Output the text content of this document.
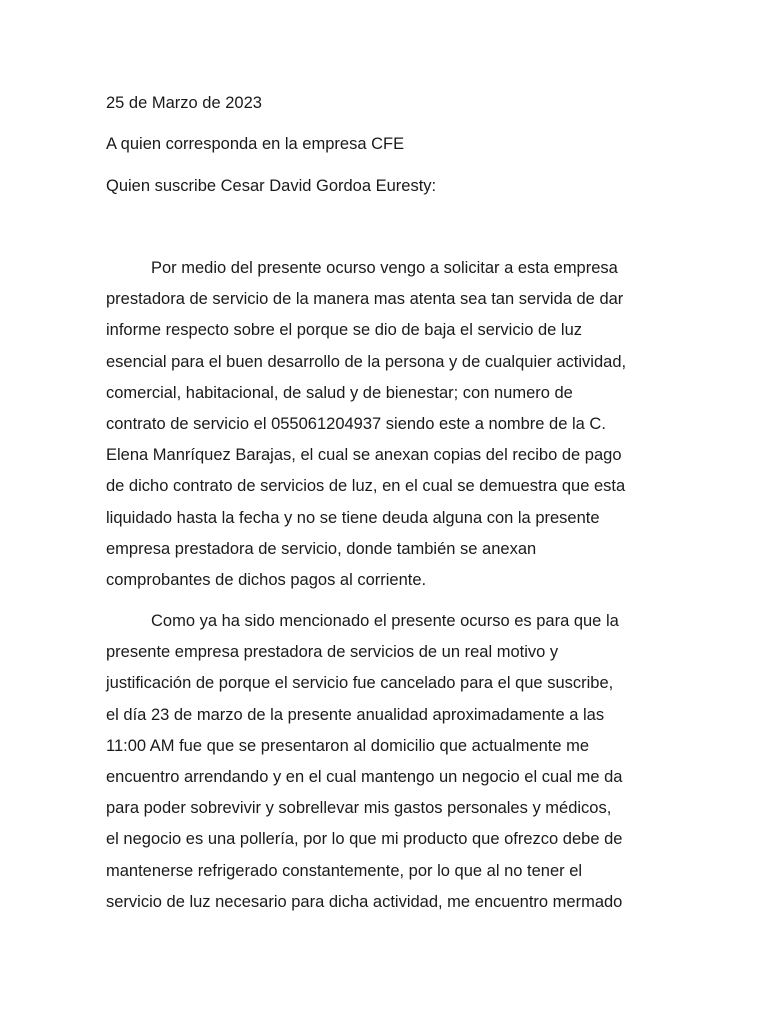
25 de Marzo de 2023

A quien corresponda en la empresa CFE

Quien suscribe Cesar David Gordoa Euresty:

Por medio del presente ocurso vengo a solicitar a esta empresa
prestadora de servicio de la manera mas atenta sea tan servida de dar
informe respecto sobre el porque se dio de baja el servicio de luz
esencial para el buen desarrollo de la persona y de cualquier actividad,
comercial, habitacional, de salud y de bienestar; con numero de
contrato de servicio el 055061204937 siendo este a nombre de la C.
Elena Manríquez Barajas, el cual se anexan copias del recibo de pago
de dicho contrato de servicios de luz, en el cual se demuestra que esta
liquidado hasta la fecha y no se tiene deuda alguna con la presente
empresa prestadora de servicio, donde también se anexan
comprobantes de dichos pagos al corriente.
Como ya ha sido mencionado el presente ocurso es para que la
presente empresa prestadora de servicios de un real motivo y
justificación de porque el servicio fue cancelado para el que suscribe,
el día 23 de marzo de la presente anualidad aproximadamente a las
11:00 AM fue que se presentaron al domicilio que actualmente me
encuentro arrendando y en el cual mantengo un negocio el cual me da
para poder sobrevivir y sobrellevar mis gastos personales y médicos,
el negocio es una pollería, por lo que mi producto que ofrezco debe de
mantenerse refrigerado constantemente, por lo que al no tener el
servicio de luz necesario para dicha actividad, me encuentro mermado
